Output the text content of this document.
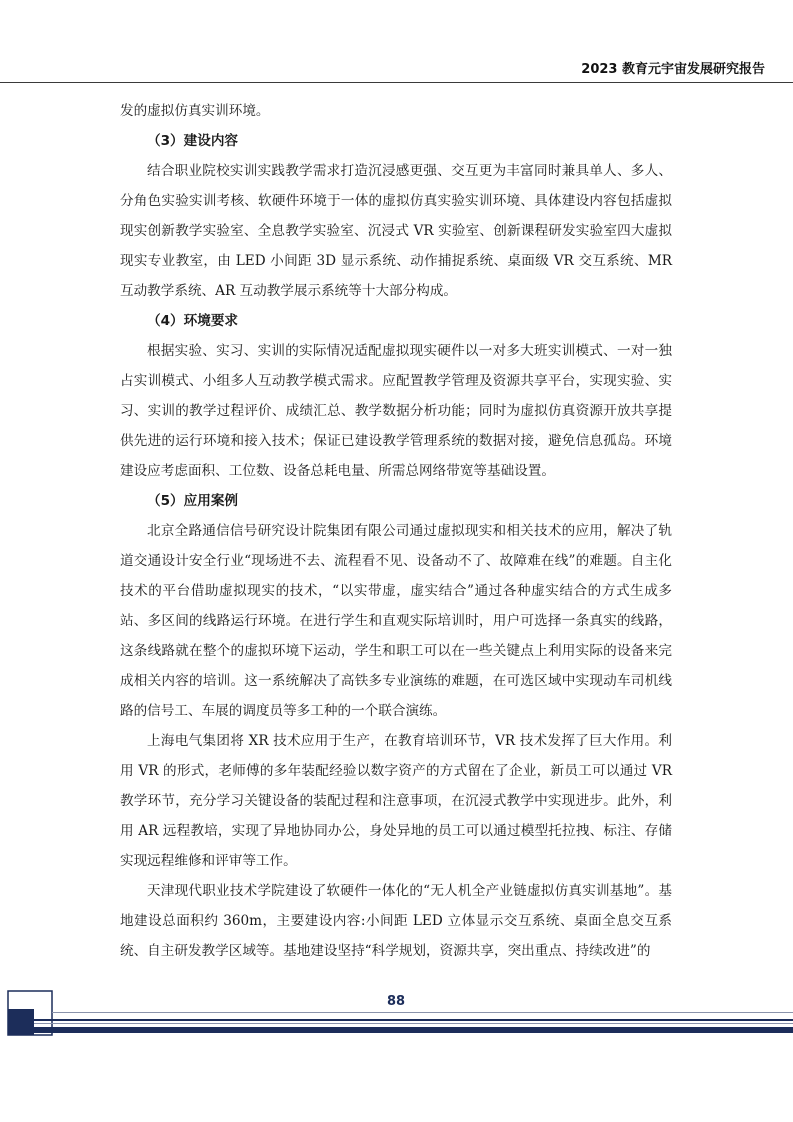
2023 教育元宇宙发展研究报告

发的虚拟仿真实训环境。

（3）建设内容

结合职业院校实训实践教学需求打造沉浸感更强、交互更为丰富同时兼具单人、多人、分角色实验实训考核、软硬件环境于一体的虚拟仿真实验实训环境、具体建设内容包括虚拟现实创新教学实验室、全息教学实验室、沉浸式 VR 实验室、创新课程研发实验室四大虚拟现实专业教室，由 LED 小间距 3D 显示系统、动作捕捉系统、桌面级 VR 交互系统、MR 互动教学系统、AR 互动教学展示系统等十大部分构成。

（4）环境要求

根据实验、实习、实训的实际情况适配虚拟现实硬件以一对多大班实训模式、一对一独占实训模式、小组多人互动教学模式需求。应配置教学管理及资源共享平台，实现实验、实习、实训的教学过程评价、成绩汇总、教学数据分析功能；同时为虚拟仿真资源开放共享提供先进的运行环境和接入技术；保证已建设教学管理系统的数据对接，避免信息孤岛。环境建设应考虑面积、工位数、设备总耗电量、所需总网络带宽等基础设置。

（5）应用案例

北京全路通信信号研究设计院集团有限公司通过虚拟现实和相关技术的应用，解决了轨道交通设计安全行业“现场进不去、流程看不见、设备动不了、故障难在线”的难题。自主化技术的平台借助虚拟现实的技术，“以实带虚，虚实结合”通过各种虚实结合的方式生成多站、多区间的线路运行环境。在进行学生和直观实际培训时，用户可选择一条真实的线路，这条线路就在整个的虚拟环境下运动，学生和职工可以在一些关键点上利用实际的设备来完成相关内容的培训。这一系统解决了高铁多专业演练的难题，在可选区域中实现动车司机线路的信号工、车展的调度员等多工种的一个联合演练。

上海电气集团将 XR 技术应用于生产，在教育培训环节，VR 技术发挥了巨大作用。利用 VR 的形式，老师傅的多年装配经验以数字资产的方式留在了企业，新员工可以通过 VR 教学环节，充分学习关键设备的装配过程和注意事项，在沉浸式教学中实现进步。此外，利用 AR 远程教培，实现了异地协同办公，身处异地的员工可以通过模型托拉拽、标注、存储实现远程维修和评审等工作。

天津现代职业技术学院建设了软硬件一体化的“无人机全产业链虚拟仿真实训基地”。基地建设总面积约 360m，主要建设内容:小间距 LED 立体显示交互系统、桌面全息交互系统、自主研发教学区域等。基地建设坚持“科学规划，资源共享，突出重点、持续改进”的

88
